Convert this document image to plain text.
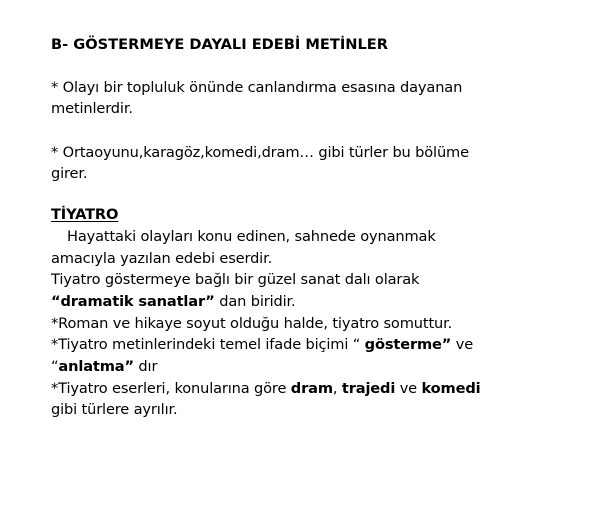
B- GÖSTERMEYE DAYALI EDEBİ METİNLER
* Olayı bir topluluk önünde canlandırma esasına dayanan
metinlerdir.
* Ortaoyunu,karagöz,komedi,dram… gibi türler bu bölüme
girer.
TİYATRO
Hayattaki olayları konu edinen, sahnede oynanmak
amacıyla yazılan edebi eserdir.
Tiyatro göstermeye bağlı bir güzel sanat dalı olarak
“dramatik sanatlar” dan biridir.
*Roman ve hikaye soyut olduğu halde, tiyatro somuttur.
*Tiyatro metinlerindeki temel ifade biçimi “ gösterme” ve
“anlatma” dır
*Tiyatro eserleri, konularına göre dram, trajedi ve komedi
gibi türlere ayrılır.
